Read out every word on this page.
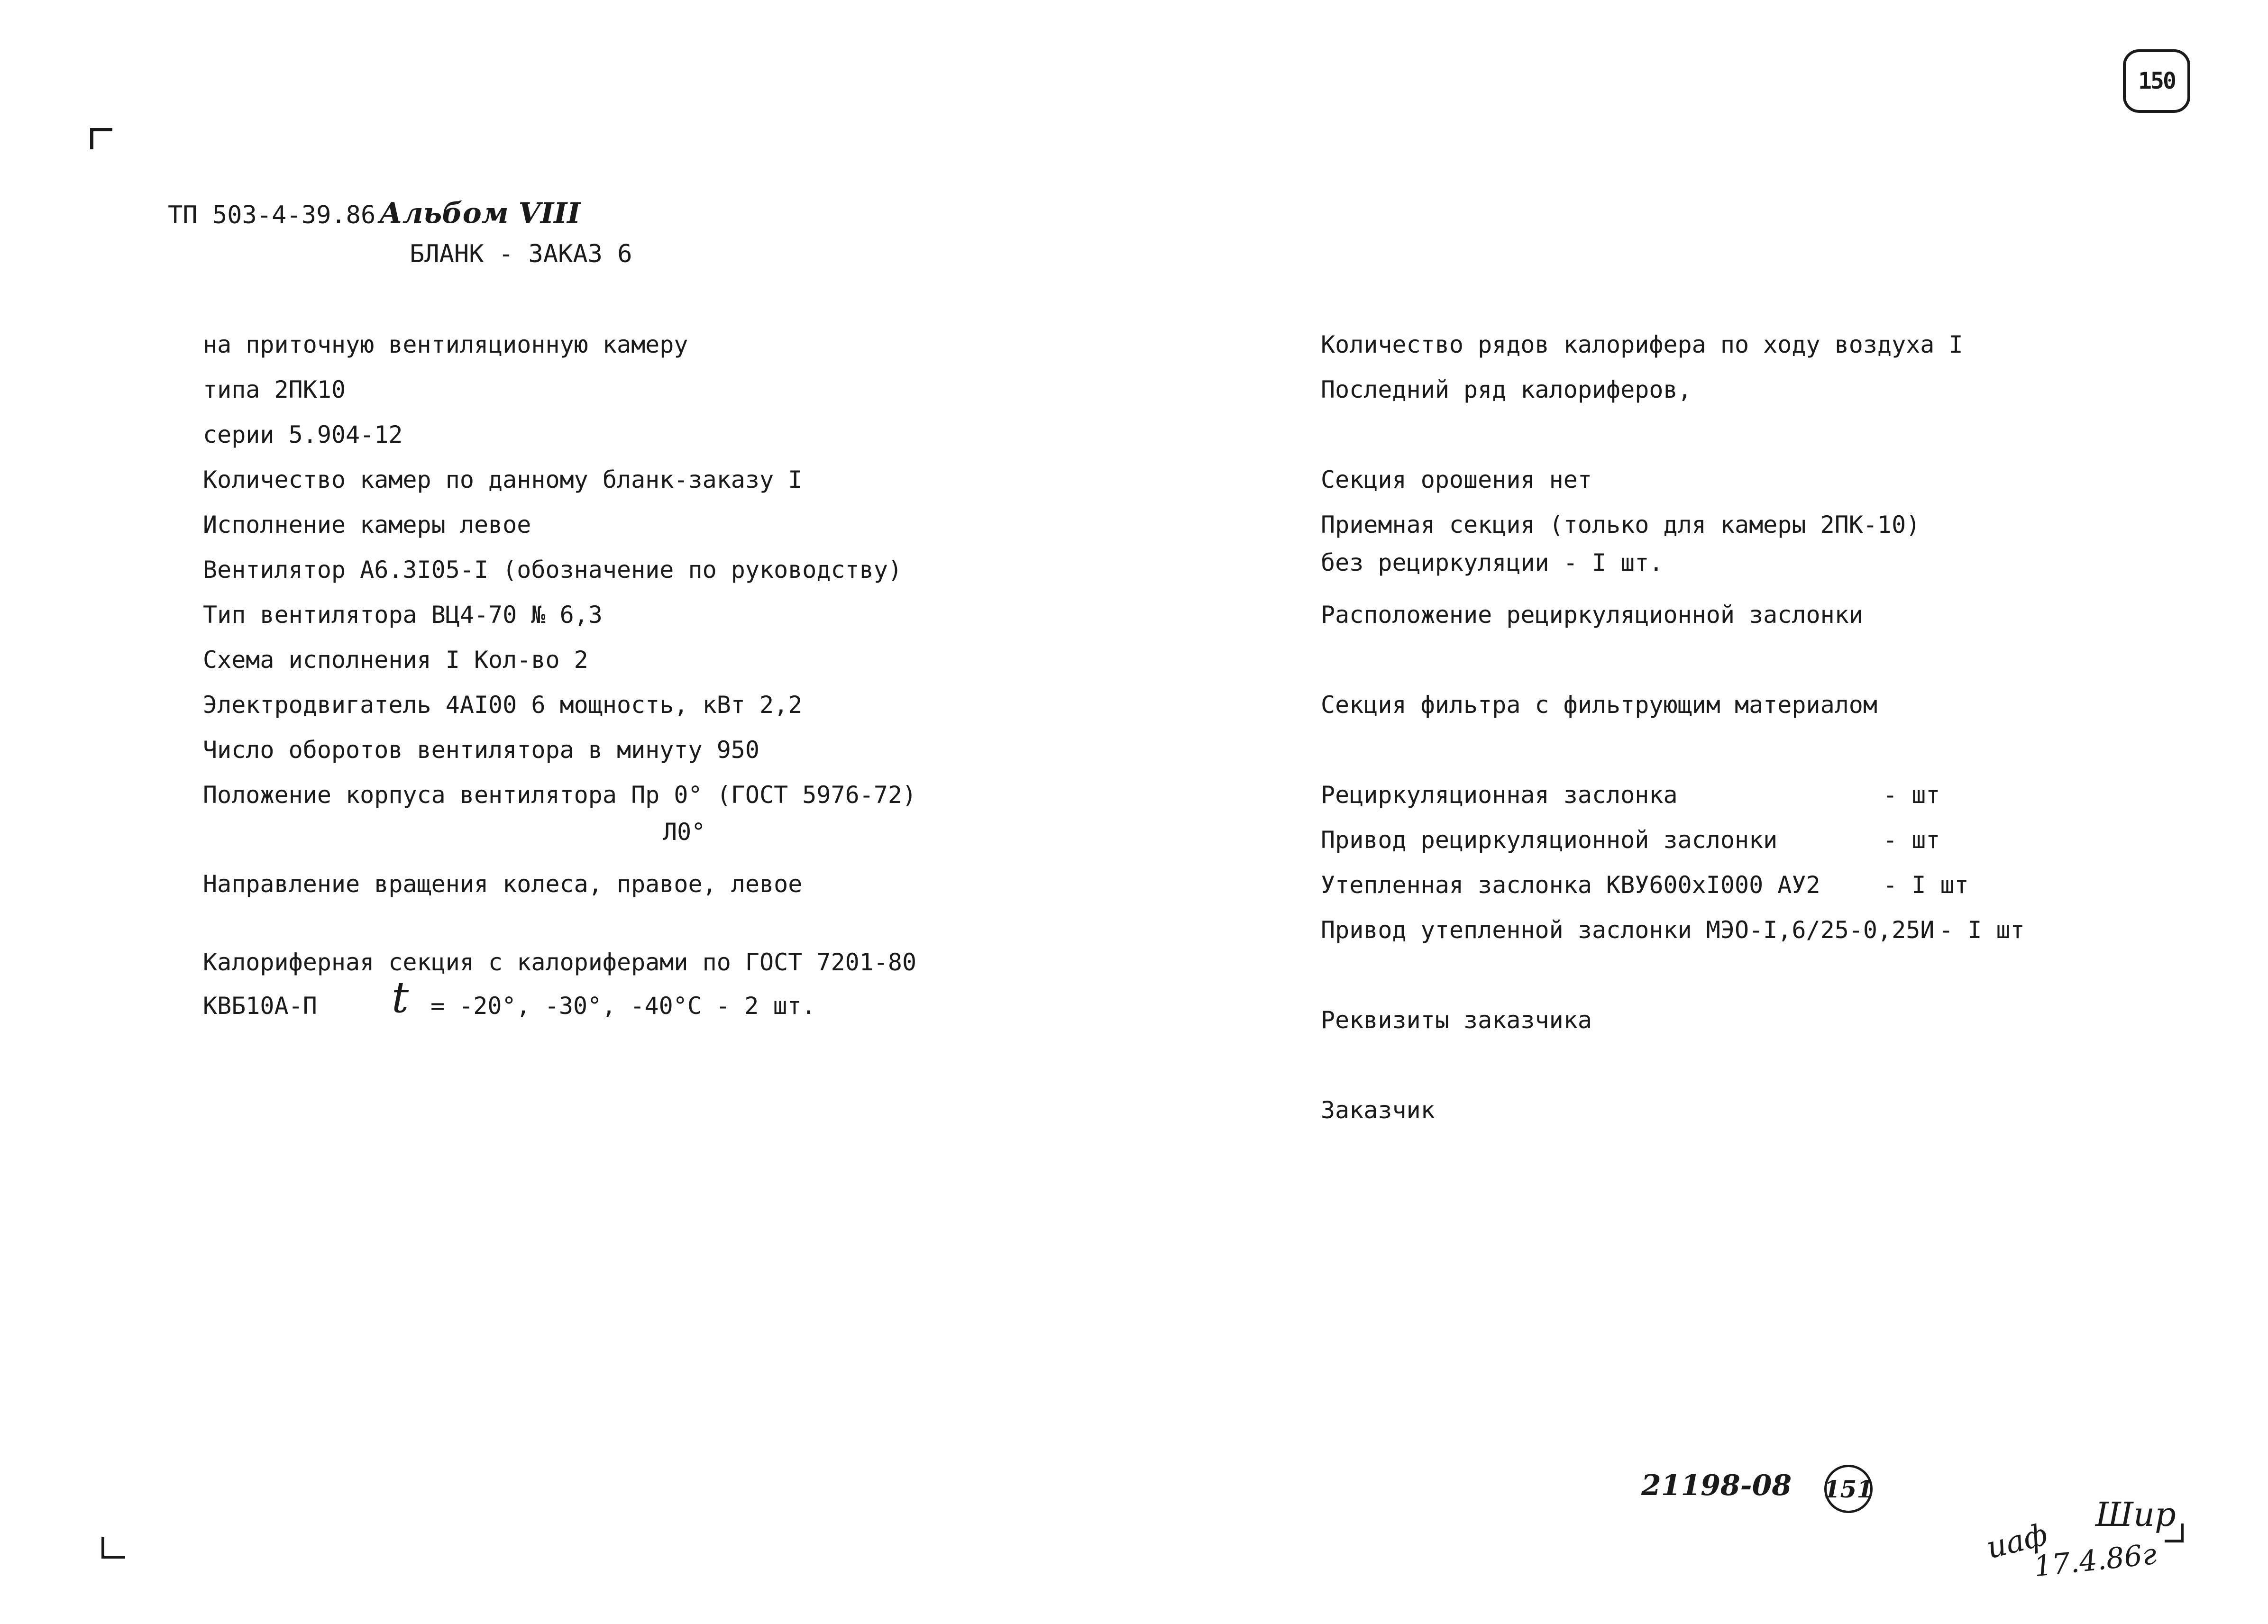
150
ТП 503-4-39.86 Альбом VIII
БЛАНК - ЗАКАЗ 6
на приточную вентиляционную камеру
типа 2ПК10
серии 5.904-12
Количество камер по данному бланк-заказу I
Исполнение камеры левое
Вентилятор А6.3I05-I (обозначение по руководству)
Тип вентилятора ВЦ4-70 № 6,3
Схема исполнения I Кол-во 2
Электродвигатель 4АI00 6 мощность, кВт 2,2
Число оборотов вентилятора в минуту 950
Положение корпуса вентилятора Пр 0° (ГОСТ 5976-72)
Л0°
Направление вращения колеса, правое, левое
Калориферная секция с калориферами по ГОСТ 7201-80
КВБ10А-П t = -20°, -30°, -40°С - 2 шт.
Количество рядов калорифера по ходу воздуха I
Последний ряд калориферов,
Секция орошения нет
Приемная секция (только для камеры 2ПК-10)
без рециркуляции - I шт.
Расположение рециркуляционной заслонки
Секция фильтра с фильтрующим материалом
Рециркуляционная заслонка
Привод рециркуляционной заслонки
Утепленная заслонка КВУ600хI000 АУ2
Привод утепленной заслонки МЭО-I,6/25-0,25И
Реквизиты заказчика
Заказчик
- шт
- шт
- I шт
- I шт
21198-08 151
Шир
иаф
17.4.86г
